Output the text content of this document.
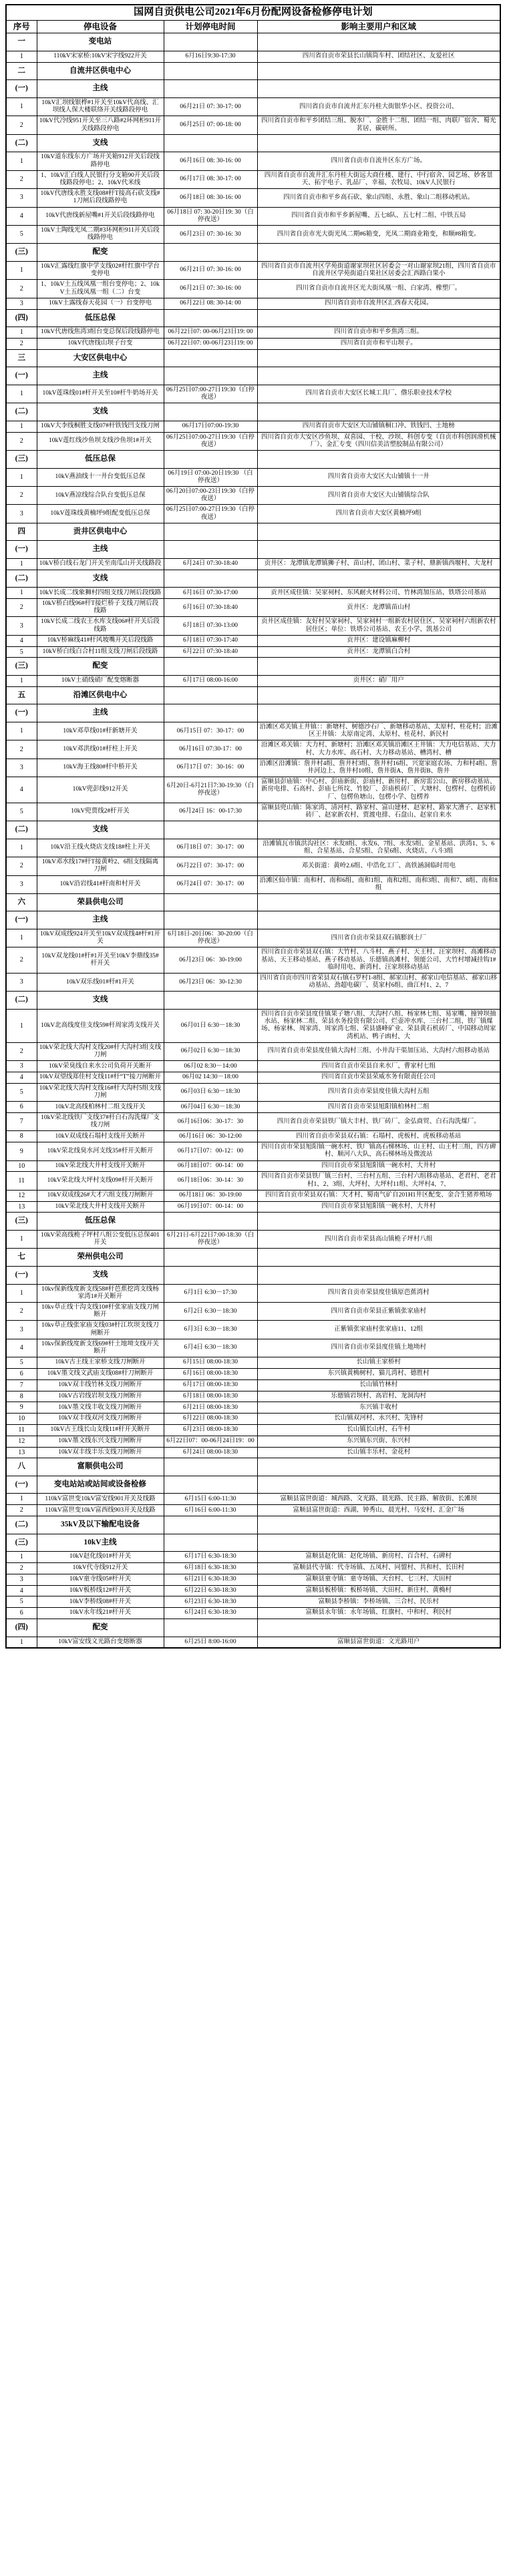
国网自贡供电公司2021年6月份配网设备检修停电计划			
序号	停电设备	计划停电时间	影响主要用户和区域
一	变电站		
1	110kV宋家桥:10kV宋字线922开关	6月16日9:30-17:30	四川省自贡市荣县长山镇筒车村、团结社区、友爱社区
二	自流井区供电中心		
(一)	主线		
1	10kV汇坝线银桦#1开关至10kV代高线、汇坝线人保大楼联络开关线路段停电	06月21日 07: 30-17: 00	四川省自贡市自流井汇东丹桂大街银华小区、投资公司、
2	10kV代冷线951开关至三八路#2环网柜911开关线路段停电	06月25日 07: 00-18: 00	四川省自贡市和平乡团结三组、脱水厂、金胜十二组、团结一组、肉联厂宿舍、蜀光茗居、碳研所。
(二)	支线		
1	10kV道东线东方广场开关箱912开关后段线路停电	06月16日 08: 30-16: 00	四川省自贡市自流井区东方广场。
2	1、10kV汇白线人民银行分支箱90开关后段线路段停电；2、10kV代米线	06月17日 08: 30-17: 00	四川省自贡市自流井汇东丹桂大街远大商住楼、建行、中行宿舍、园艺场、妙客景天、拓宇电子、乳品厂、幸福、农牧局、10kV人民银行
3	10kV代唐线永胜支线08#杆T接高石砍支线#1刀闸后段线路停电	06月18日 08: 30-16: 00	四川省自贡市和平乡高石砍、象山四组、永胜、象山二组移动机站。
4	10kV代唐线新屋嘴#1开关后段线路停电	06月18日 07: 30-20日19: 30（白停夜送）	四川省自贡市和平乡新屋嘴、五七8队、五七村二组、中铁五局
5	10kV土陶线光凤二期#3环网柜911开关后段线路停电	06月23日 07: 30-16: 30	四川省自贡市光大街光凤二期#6箱变，光凤二期商业箱变，和顺#8箱变。
(三)	配变		
1	10kV汇露线红旗中学支线02#杆红旗中学台变停电	06月21日 07: 30-16: 00	四川省自贡市自流井区学苑街道谢家坝社区居委会一对山谢家坝21组，四川省自贡市自流井区学苑街道白果社区居委会汇西路白果小
2	1、10kV土五线凤凰一组台变停电；2、10kV土五线凤凰一组（二）台变	06月21日 07: 30-16: 00	四川省自贡市自流井区光大街凤凰一组、白家湾、橡塑厂。
3	10kV土露线春天花园（一）台变停电	06月22日 08: 30-14: 00	四川省自贡市自流井区汇西春天花园。
(四)	低压总保		
1	10kV代唐线焦湾3组台变总保后段线路停电	06月22日07: 00-06月23日19: 00	四川省自贡市和平乡焦湾三组。
2	10kV代唐线山坝子台变	06月22日07: 00-06月23日19: 00	四川省自贡市和平山坝子。
三	大安区供电中心		
(一)	主线		
1	10kV莲珠线01#杆开关至10#杆牛奶场开关	06月25日07:00-27日19:30（白停夜送）	四川省自贡市大安区长城工具厂、偺乐职业技术学校
(二)	支线		
1	10kV大李线桐胜支线07#杆铁钱凹支线刀闸	06月17日07:00-19:30	四川省自贡市大安区大山铺镇桐口冲、铁钱凹、土地榜
2	10kV莲红线沙鱼坝支线沙鱼坝1#开关	06月25日07:00-27日19:30（白停夜送）	四川省自贡市大安区沙鱼坝、双喜园、干校、沙坝、科创专变（自贡市科创润滑机械厂）、金汇专变（四川信美洁塑胶制品有限公司）
(三)	低压总保		
1	10kV燕油线十一井台变低压总保	06月19日 07:00-20日19:30 （白停夜送）	四川省自贡市大安区大山铺镇十一井
2	10kV燕凉线综合队台变低压总保	06月20日07:00-23日19:30（白停夜送）	四川省自贡市大安区大山铺镇综合队
3	10kV莲珠线黄楠坪9组配变低压总保	06月25日07:00-27日19:30（白停夜送）	四川省自贡市大安区黄楠坪9组
四	贡井区供电中心		
(一)	主线		
1	10kV桥白线石龙门开关至南瓜山开关线路段	6月24日 07:30-18:40	贡井区：龙潭镇龙潭镇狮子村、苗山村、团山村、菜子村、鼎新镇西堰村、大龙村
(二)	支线		
1	10kV长成二线象狮村四组支线刀闸后段线路	6月16日 07:30-17:00	贡井区成佳镇：吴家祠村、东风耐火材料公司、竹林湾加压站、铁塔公司基站
2	10kV桥白线96#杆T接烂桥子支线刀闸后段线路	6月16日 07:30-18:40	贡井区：龙潭镇苗山村
3	10kV长成二线农王水库支线06#杆开关后段线路	6月18日 07:30-13:00	贡井区成佳镇：友好村吴家祠村、吴家祠村一组新农村居住区、吴家祠村六组新农村居住区；单位：铁塔公司基站、农王小学、凯基公司
4	10kV桥麻线41#杆风坡嘴开关后段线路	6月18日 07:30-17:40	贡井区：建设镇麻柳村
5	10kV桥白线白合村11组支线刀闸后段线路	6月22日 07:30-18:40	贡井区：龙潭镇白合村
(三)	配变		
1	10kV土硝线硝厂配变熔断器	6月17日 08:00-16:00	贡井区：硝厂用户
五	沿滩区供电中心		
(一)	主线		
1	10kV邓草线01#杆新塘开关	06月15日 07：30-17：00	沿滩区邓关镇王井镇：：新塘村、树德沙石厂、新塘移动基站、太原村、桂花村；沿滩区王井镇：太原南定湾、太原村、桂花村、新民村
2	10kV邓洪线01#杆柱上开关	06月16日 07:30-17：00	沿滩区邓关镇：大力村、新塘村；沿滩区邓关镇沿滩区王井镇：大力电信基站、大力村、大力水库、高石村、大力移动基站、槽湾村、槽
3	10kV海王线80#杆中桥开关	06月17日 07：30-16：00	沿滩区沿滩镇：詹井村4组、詹井村3组、詹井村16组、兴宽家庭农场、力和村4组、詹井河边上、詹井村10组、詹井街A、詹井街B、詹井
4	10kV兜彭线912开关	6月20日-6月21日7:30-19:30（白停夜送）	富顺县彭庙镇：中心村、彭庙新街、彭庙村、新房村、新房雷公山、新房移动基站、新房电排、石高村、彭庙七所坟、竹胶厂、彭庙机砖厂、大塘村、包楞村、包楞机砖厂、包楞鱼塘山、包楞小学、包楞养
5	10kV兜贾线2#杆开关	06月24日 16：00-17:30	富顺县兜山镇：陈家湾、清河村、路家村、富山建材、赵家村、路家大漕子、赵家机砖厂、赵家新农村、贾渡电排、石盘山、赵家自来水
(二)	支线		
1	10kV沿王线火烧店支线18#柱上开关	06月18日 07：30-17：00	沿滩镇瓦市镇洪沟社区：永发8组、永发6、7组、永发5组、金星基站、洪湾1、5、6组、合星基站、合星5组、合星6组、火烧店、八斗3组
2	10kV邓水线17#杆T接黄岭2、6组支线隔离刀闸	06月22日 07：30-17：00	邓关街道：黄岭2.6组、中浩化工厂、高铁涵洞临时用电
3	10kV沿岩线41#杆南和村开关	06月24日 07：30-17：00	沿滩区仙市镇：南和村、南和6组、南和1组、南和2组、南和3组、南和7、8组、南和8组
六	荣县供电公司		
(一)	主线		
1	10kV双成线924开关至10kV双成线4#杆#1开关	6月18日-20日06：30-20:00（白停夜送）	四川省自贡市荣县双石镇膨润土厂
2	10kV双龙线01#杆#1开关至10kV李鼎线35#杆开关	06月23日 06：30-19:00	四川省自贡市荣县双石镇：大竹村、八斗村、燕子村、天王村、汪家坝村、高滩移动基站、天王移动基站、燕子移动基站、乐德镇高滩村、领能公司、大竹村增减挂钩1#临时用电、新湾村、汪家坝移动基站
3	10kV双乐线01#杆#1开关	06月23日 06：30-12:30	四川省自贡市四川省荣县双石镇石罗村1-8组、郝家山村、郝家山电信基站、郝家山移动基站、劲超电碳厂、莫家村6组、曲江村1、2、7
(二)	支线		
1	10kV北高线度佳支线59#杆周家湾支线开关	06月01日 6:30－18:30	四川省自贡市荣县度佳镇果子塘八组、大沟村八组、杨家林七组、易家嘴、撞钟坝抽水站、杨家林二组、荣县水务投资有限公司、烂壶冲水库、三台村二组、铁厂镇煤场、杨家林、周家湾、周家湾七组、荣县盛峰矿业、荣县黄石机砖厂、中国移动周家湾机站、鸭子凼村、大
2	10kV荣北线大沟村支线20#杆大沟村3组支线刀闸	06月02日 6:30－18:30	四川省自贡市荣县度佳镇大沟村三组、小井沟干渠加压站、大沟村六组移动基站
3	10kV荣臭线自来水公司负荷开关断开	06月02 8:30－14:00	四川省自贡市荣县自来水厂、曹家村七组
4	10kV双望线郑佳村支线11#杆“T”接刀闸断开	06月02 14:30－18:00	四川省自贡市荣县荣威水务有限责任公司
5	10kV荣北线大沟村支线16#杆大沟村5组支线刀闸	06月03日 6:30－18:30	四川省自贡市荣县度佳镇大沟村五组
6	10kV北高线柏林村二组支线开关	06月04日 6:30－18:30	四川省自贡市荣县旭阳镇柏林村二组
7	10kV荣北线铁厂支线37#杆白石沟洗煤厂支线刀闸	06月16日06：30-17：30	四川省自贡市荣县铁厂镇大丰村、铁厂砖厂、金弘商贸、白石沟洗煤厂。
8	10kV双成线石塌村支线开关断开	06月16日 06：30-12:00	四川省自贡市荣县双石镇：石塌村、虎板村、虎板移动基站
9	10kV荣北线臭水河支线35#杆开关断开	06月17日07：00-12：00	四川自贡市荣县旭阳镇一碗水村、铁厂镇高石梯林场、山王村、山王村三组，四方碑村、顺河八大队，高石梯林场及微波站
10	10kV荣北线大井村支线开关断开	06月18日07：00-14：00	四川自贡市荣县旭阳镇一碗水村、大井村
11	10kV荣北线大坪村支线09#杆开关断开	06月18日06：30-14：30	四川省自贡市荣县铁厂镇三台村、三台村五组、三台村六组移动基站、老君村、老君村1、2、3组、大坪村、大坪村11组、大坪村4、7、
12	10kV双成线26#大才六组支线刀闸断开	06月18日 06：30-19:00	四川省自贡市荣县双石镇：大才村、蜀南气矿自201H1井区配变、金合生猪养殖场
13	10kV荣北线大井村支线开关断开	06月19日07：00-14：00	四川自贡市荣县旭阳镇一碗水村、大井村
(三)	低压总保		
1	10kV荣高线桅子坪村八组公变低压总保401开关	6月21日-6月22日7:00-18:30（白停夜送）	四川省自贡市荣县高山镇桅子坪村八组
七	荣州供电公司		
(一)	支线		
1	10kv保新线度新支线58#杆芭蕉挖湾支线杨家湾1#开关断开	6月1日 6:30－17:30	四川省自贡市荣县度佳镇原芭蕉湾村
2	10kv草正线干沟支线10#杆张家庙支线刀闸断开	6月2日 6:30－18:30	四川省自贡市荣县正紫镇张家庙村
3	10kv草正线张家庙支线03#杆江坎坝支线刀闸断开	6月3日 6:30－18:30	正紫镇张家庙村张家庙11、12组
4	10kv保新线度新支线69#杆土地坳支线开关断开	6月4日 6:30－18:30	四川省自贡市荣县度佳镇土地坳村
5	10kV古王线王家桥支线刀闸断开	6月15日 08:00-18:30	长山镇王家桥村
6	10kV墨文线文武庙支线08#杆刀闸断开	6月16日 08:00-18:30	东兴镇黄桷树村、猫儿湾村、德胜村
7	10kV双丰线竹林支线刀闸断开	6月17日 08:00-18:30	长山镇竹林村
8	10kV古岩线岩坝支线刀闸断开	6月18日 08:00-18:30	乐德镇岩坝村、高岩村、龙洞沟村
9	10kV墨文线丰收支线刀闸断开	6月21日 08:00-18:30	东兴镇丰收村
10	10kV双丰线双河支线刀闸断开	6月22日 08:00-18:30	长山镇双河村、永兴村、先锋村
11	10kV古王线长山支线11#杆开关断开	6月23日 08:00-18:30	长山镇长山村、石牛村
12	10kV墨文线东兴支线刀闸断开	6月22日07：00-06月24日19：00	东兴镇东兴街、东兴村
13	10kV双丰线丰乐支线刀闸断开	6月24日 08:00-18:30	长山镇丰乐村、金花村
八	富顺供电公司		
(一)	变电站站或站间或设备检修		
1	110kV富世变10kV富安线901开关及线路	6月15日 6:00-11:30	富顺县富世街道：城西路、文光路、晨光路、民主路、解放街、长滩坝
2	110kV富世变10kV富西线903开关及线路	6月16日 6:00-11:30	富顺县富世街道：西湖、钟秀山、晨光村、马安村、汇金广场
(二)	35kV及以下输配电设备		
(三)	10kV主线		
1	10kV赵化线01#杆开关	6月17日 6:30-18:30	富顺县赵化镇：赵化场镇、新房村、百合村、石碑村
2	10kV代寺线912开关	6月18日 6:30-18:30	富顺县代寺镇：代寺场镇、五凤村、同盟村、共和村、长田村
3	10kV童寺线05#杆开关	6月21日 6:30-18:30	富顺县童寺镇：童寺场镇、天台村、七三村、大田村
4	10kV板桥线12#杆开关	6月22日 6:30-18:30	富顺县板桥镇：板桥场镇、大田村、新庄村、黄桷村
5	10kV李桥线08#杆开关	6月23日 6:30-18:30	富顺县李桥镇：李桥场镇、三合村、民乐村
6	10kV永年线21#杆开关	6月24日 6:30-18:30	富顺县永年镇：永年场镇、红旗村、中和村、利民村
(四)	配变		
1	10kV富安线文光路台变熔断器	6月25日 8:00-16:00	富顺县富世街道：文光路用户
